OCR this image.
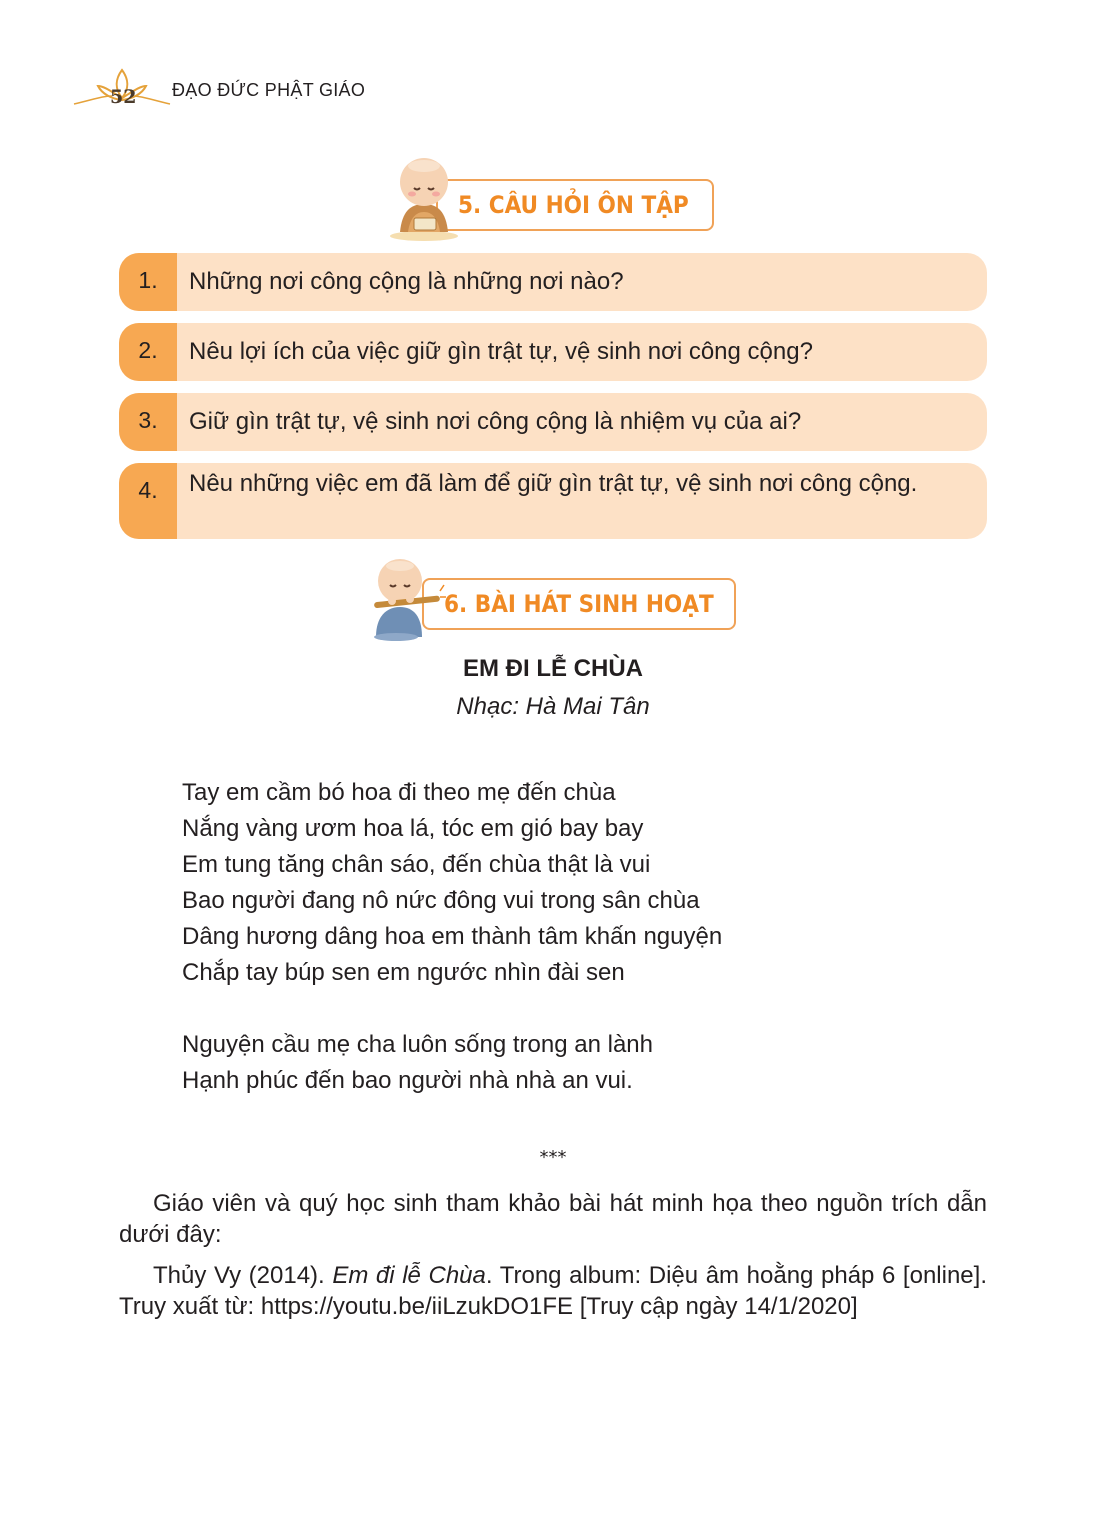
52 ĐẠO ĐỨC PHẬT GIÁO
5. CÂU HỎI ÔN TẬP
1.	Những nơi công cộng là những nơi nào?
2.	Nêu lợi ích của việc giữ gìn trật tự, vệ sinh nơi công cộng?
3.	Giữ gìn trật tự, vệ sinh nơi công cộng là nhiệm vụ của ai?
4.	Nêu những việc em đã làm để giữ gìn trật tự, vệ sinh nơi công cộng.
6. BÀI HÁT SINH HOẠT
EM ĐI LỄ CHÙA
Nhạc: Hà Mai Tân
Tay em cầm bó hoa đi theo mẹ đến chùa
Nắng vàng ươm hoa lá, tóc em gió bay bay
Em tung tăng chân sáo, đến chùa thật là vui
Bao người đang nô nức đông vui trong sân chùa
Dâng hương dâng hoa em thành tâm khấn nguyện
Chắp tay búp sen em ngước nhìn đài sen
Nguyện cầu mẹ cha luôn sống trong an lành
Hạnh phúc đến bao người nhà nhà an vui.
***
Giáo viên và quý học sinh tham khảo bài hát minh họa theo nguồn trích dẫn dưới đây:
Thủy Vy (2014). Em đi lễ Chùa. Trong album: Diệu âm hoằng pháp 6 [online]. Truy xuất từ: https://youtu.be/iiLzukDO1FE [Truy cập ngày 14/1/2020]
